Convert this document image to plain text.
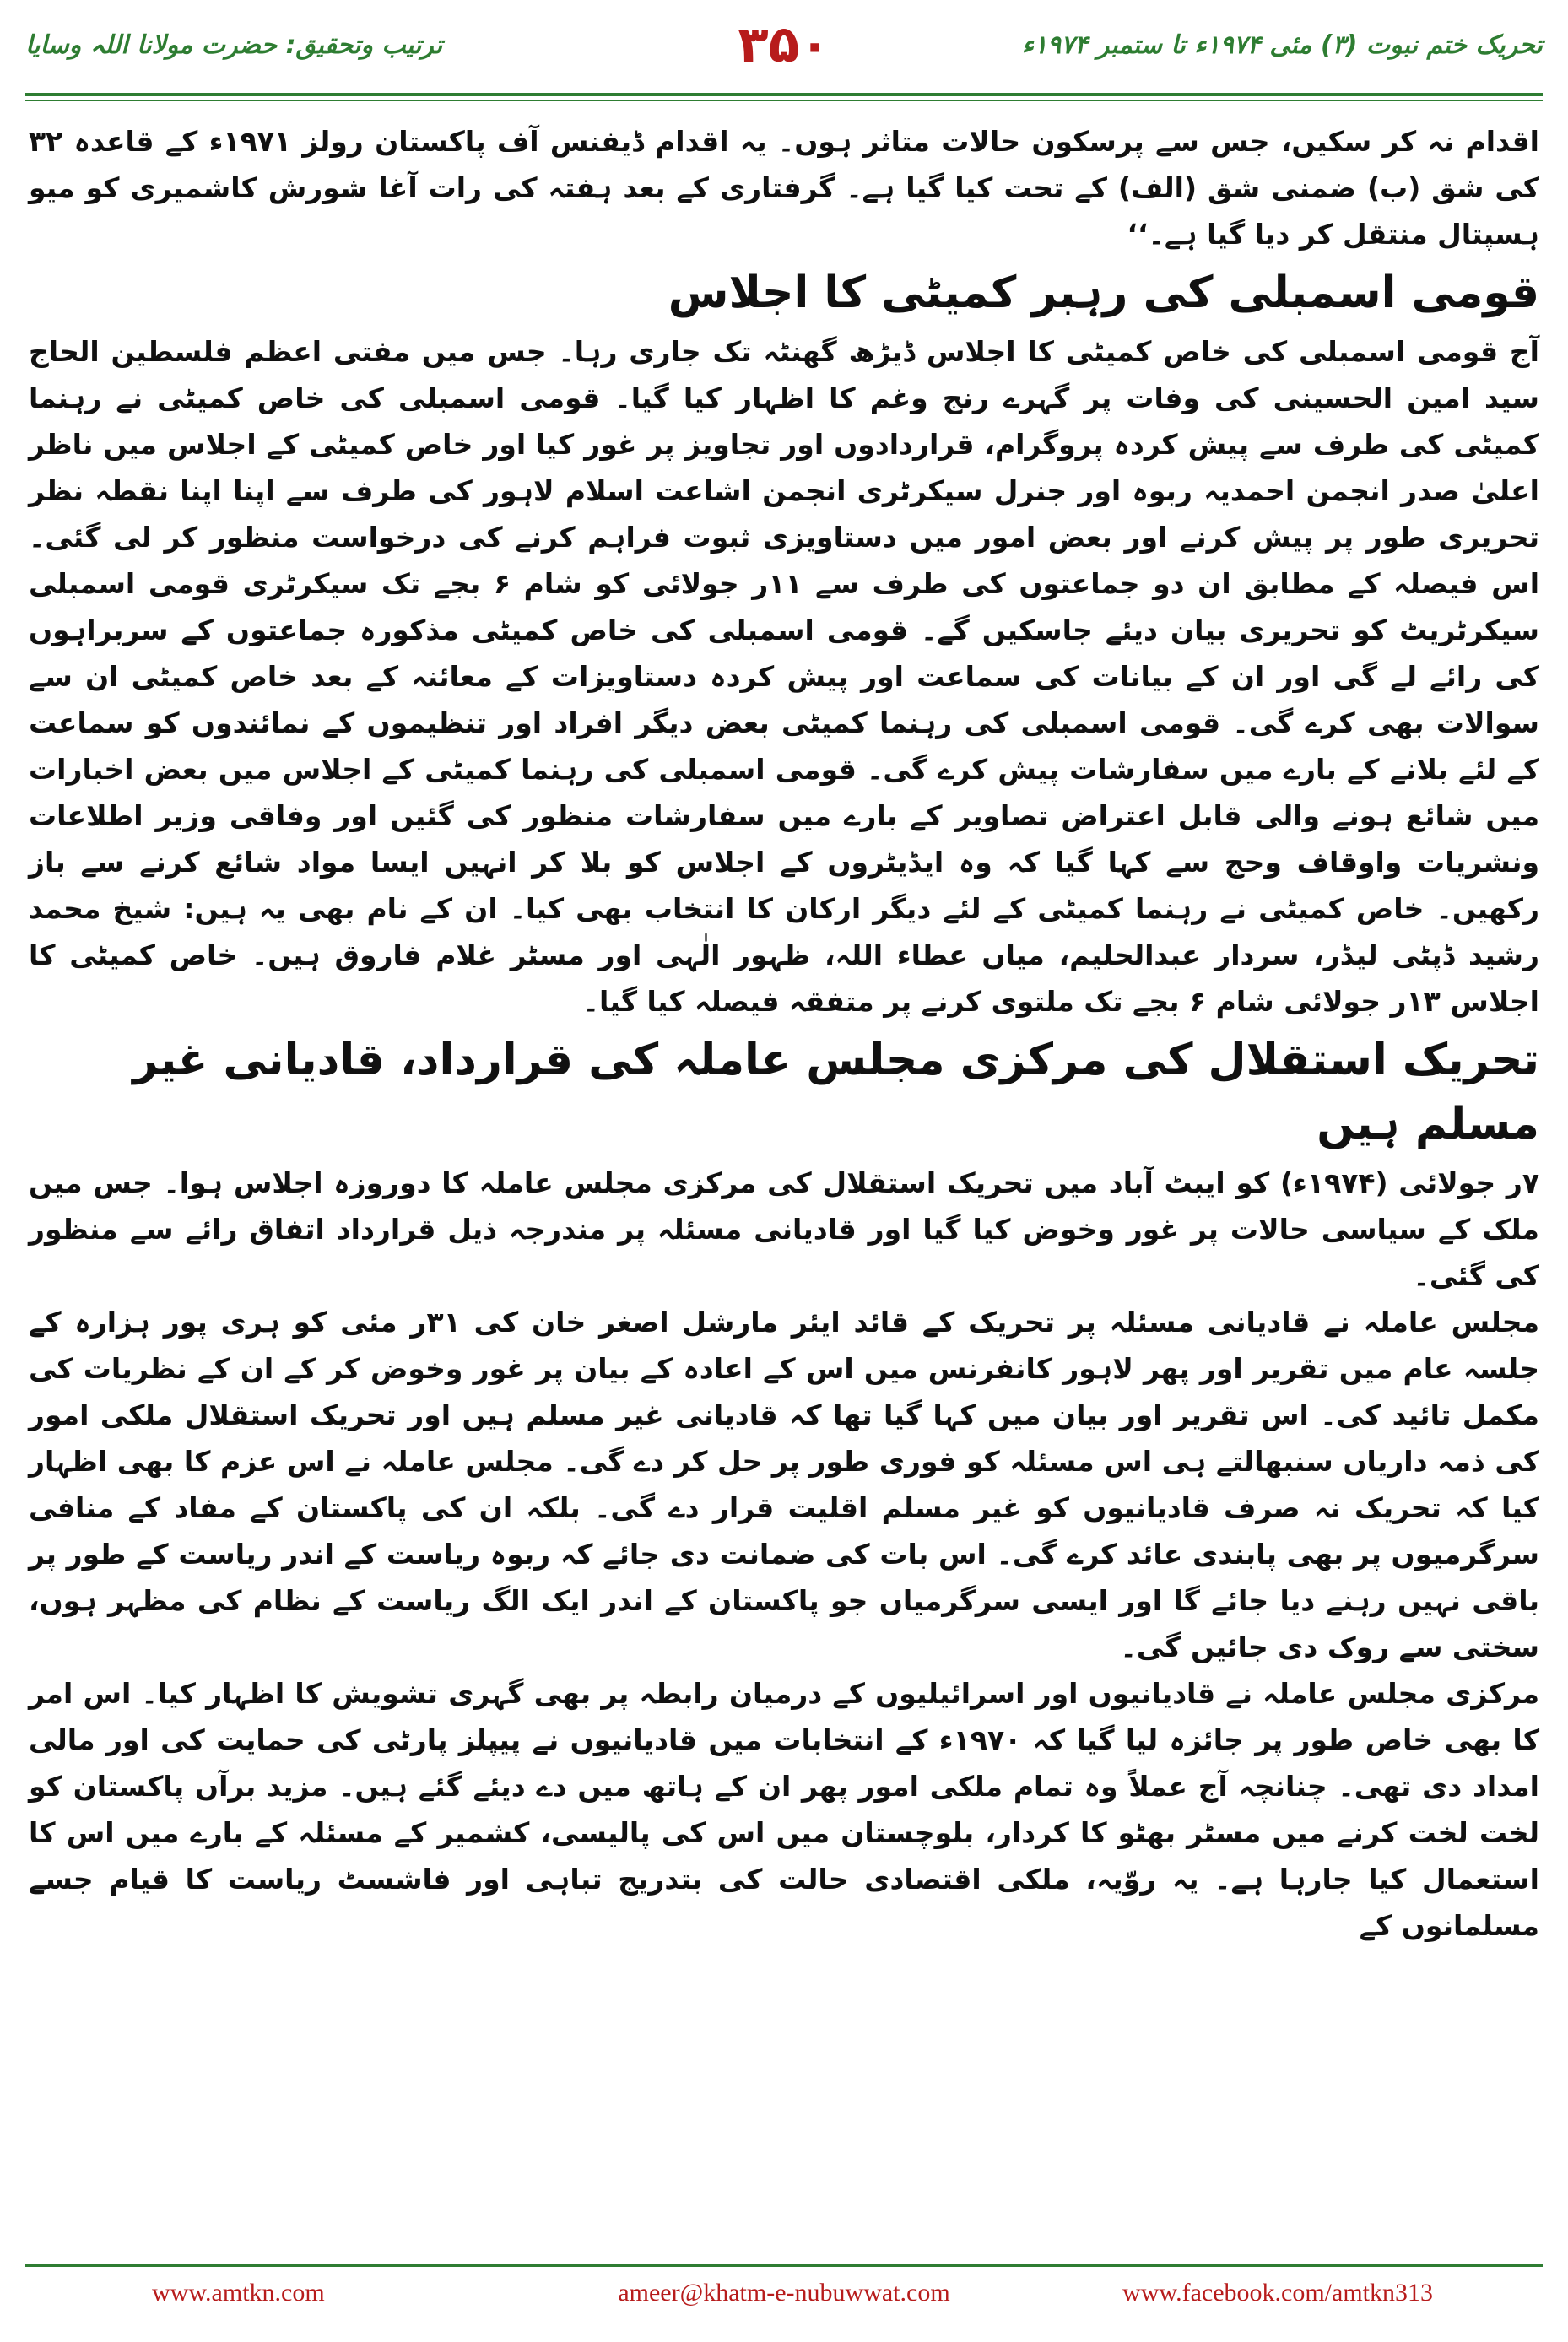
تحریک ختم نبوت (۳) مئی ۱۹۷۴ء تا ستمبر ۱۹۷۴ء
۳۵۰
ترتیب وتحقیق: حضرت مولانا اللہ وسایا

اقدام نہ کر سکیں، جس سے پرسکون حالات متاثر ہوں۔ یہ اقدام ڈیفنس آف پاکستان رولز ۱۹۷۱ء کے قاعدہ ۳۲ کی شق (ب) ضمنی شق (الف) کے تحت کیا گیا ہے۔ گرفتاری کے بعد ہفتہ کی رات آغا شورش کاشمیری کو میو ہسپتال منتقل کر دیا گیا ہے۔‘‘

قومی اسمبلی کی رہبر کمیٹی کا اجلاس

آج قومی اسمبلی کی خاص کمیٹی کا اجلاس ڈیڑھ گھنٹہ تک جاری رہا۔ جس میں مفتی اعظم فلسطین الحاج سید امین الحسینی کی وفات پر گہرے رنج وغم کا اظہار کیا گیا۔ قومی اسمبلی کی خاص کمیٹی نے رہنما کمیٹی کی طرف سے پیش کردہ پروگرام، قراردادوں اور تجاویز پر غور کیا اور خاص کمیٹی کے اجلاس میں ناظر اعلیٰ صدر انجمن احمدیہ ربوہ اور جنرل سیکرٹری انجمن اشاعت اسلام لاہور کی طرف سے اپنا اپنا نقطہ نظر تحریری طور پر پیش کرنے اور بعض امور میں دستاویزی ثبوت فراہم کرنے کی درخواست منظور کر لی گئی۔ اس فیصلہ کے مطابق ان دو جماعتوں کی طرف سے ۱۱ر جولائی کو شام ۶ بجے تک سیکرٹری قومی اسمبلی سیکرٹریٹ کو تحریری بیان دیئے جاسکیں گے۔ قومی اسمبلی کی خاص کمیٹی مذکورہ جماعتوں کے سربراہوں کی رائے لے گی اور ان کے بیانات کی سماعت اور پیش کردہ دستاویزات کے معائنہ کے بعد خاص کمیٹی ان سے سوالات بھی کرے گی۔ قومی اسمبلی کی رہنما کمیٹی بعض دیگر افراد اور تنظیموں کے نمائندوں کو سماعت کے لئے بلانے کے بارے میں سفارشات پیش کرے گی۔ قومی اسمبلی کی رہنما کمیٹی کے اجلاس میں بعض اخبارات میں شائع ہونے والی قابل اعتراض تصاویر کے بارے میں سفارشات منظور کی گئیں اور وفاقی وزیر اطلاعات ونشریات واوقاف وحج سے کہا گیا کہ وہ ایڈیٹروں کے اجلاس کو بلا کر انہیں ایسا مواد شائع کرنے سے باز رکھیں۔ خاص کمیٹی نے رہنما کمیٹی کے لئے دیگر ارکان کا انتخاب بھی کیا۔ ان کے نام بھی یہ ہیں: شیخ محمد رشید ڈپٹی لیڈر، سردار عبدالحلیم، میاں عطاء اللہ، ظہور الٰہی اور مسٹر غلام فاروق ہیں۔ خاص کمیٹی کا اجلاس ۱۳ر جولائی شام ۶ بجے تک ملتوی کرنے پر متفقہ فیصلہ کیا گیا۔

تحریک استقلال کی مرکزی مجلس عاملہ کی قرارداد، قادیانی غیر مسلم ہیں

۷ر جولائی (۱۹۷۴ء) کو ایبٹ آباد میں تحریک استقلال کی مرکزی مجلس عاملہ کا دوروزہ اجلاس ہوا۔ جس میں ملک کے سیاسی حالات پر غور وخوض کیا گیا اور قادیانی مسئلہ پر مندرجہ ذیل قرارداد اتفاق رائے سے منظور کی گئی۔

مجلس عاملہ نے قادیانی مسئلہ پر تحریک کے قائد ایئر مارشل اصغر خان کی ۳۱ر مئی کو ہری پور ہزارہ کے جلسہ عام میں تقریر اور پھر لاہور کانفرنس میں اس کے اعادہ کے بیان پر غور وخوض کر کے ان کے نظریات کی مکمل تائید کی۔ اس تقریر اور بیان میں کہا گیا تھا کہ قادیانی غیر مسلم ہیں اور تحریک استقلال ملکی امور کی ذمہ داریاں سنبھالتے ہی اس مسئلہ کو فوری طور پر حل کر دے گی۔ مجلس عاملہ نے اس عزم کا بھی اظہار کیا کہ تحریک نہ صرف قادیانیوں کو غیر مسلم اقلیت قرار دے گی۔ بلکہ ان کی پاکستان کے مفاد کے منافی سرگرمیوں پر بھی پابندی عائد کرے گی۔ اس بات کی ضمانت دی جائے کہ ربوہ ریاست کے اندر ریاست کے طور پر باقی نہیں رہنے دیا جائے گا اور ایسی سرگرمیاں جو پاکستان کے اندر ایک الگ ریاست کے نظام کی مظہر ہوں، سختی سے روک دی جائیں گی۔

مرکزی مجلس عاملہ نے قادیانیوں اور اسرائیلیوں کے درمیان رابطہ پر بھی گہری تشویش کا اظہار کیا۔ اس امر کا بھی خاص طور پر جائزہ لیا گیا کہ ۱۹۷۰ء کے انتخابات میں قادیانیوں نے پیپلز پارٹی کی حمایت کی اور مالی امداد دی تھی۔ چنانچہ آج عملاً وہ تمام ملکی امور پھر ان کے ہاتھ میں دے دیئے گئے ہیں۔ مزید برآں پاکستان کو لخت لخت کرنے میں مسٹر بھٹو کا کردار، بلوچستان میں اس کی پالیسی، کشمیر کے مسئلہ کے بارے میں اس کا استعمال کیا جارہا ہے۔ یہ روّیہ، ملکی اقتصادی حالت کی بتدریج تباہی اور فاشسٹ ریاست کا قیام جسے مسلمانوں کے

www.amtkn.com	ameer@khatm-e-nubuwwat.com	www.facebook.com/amtkn313
